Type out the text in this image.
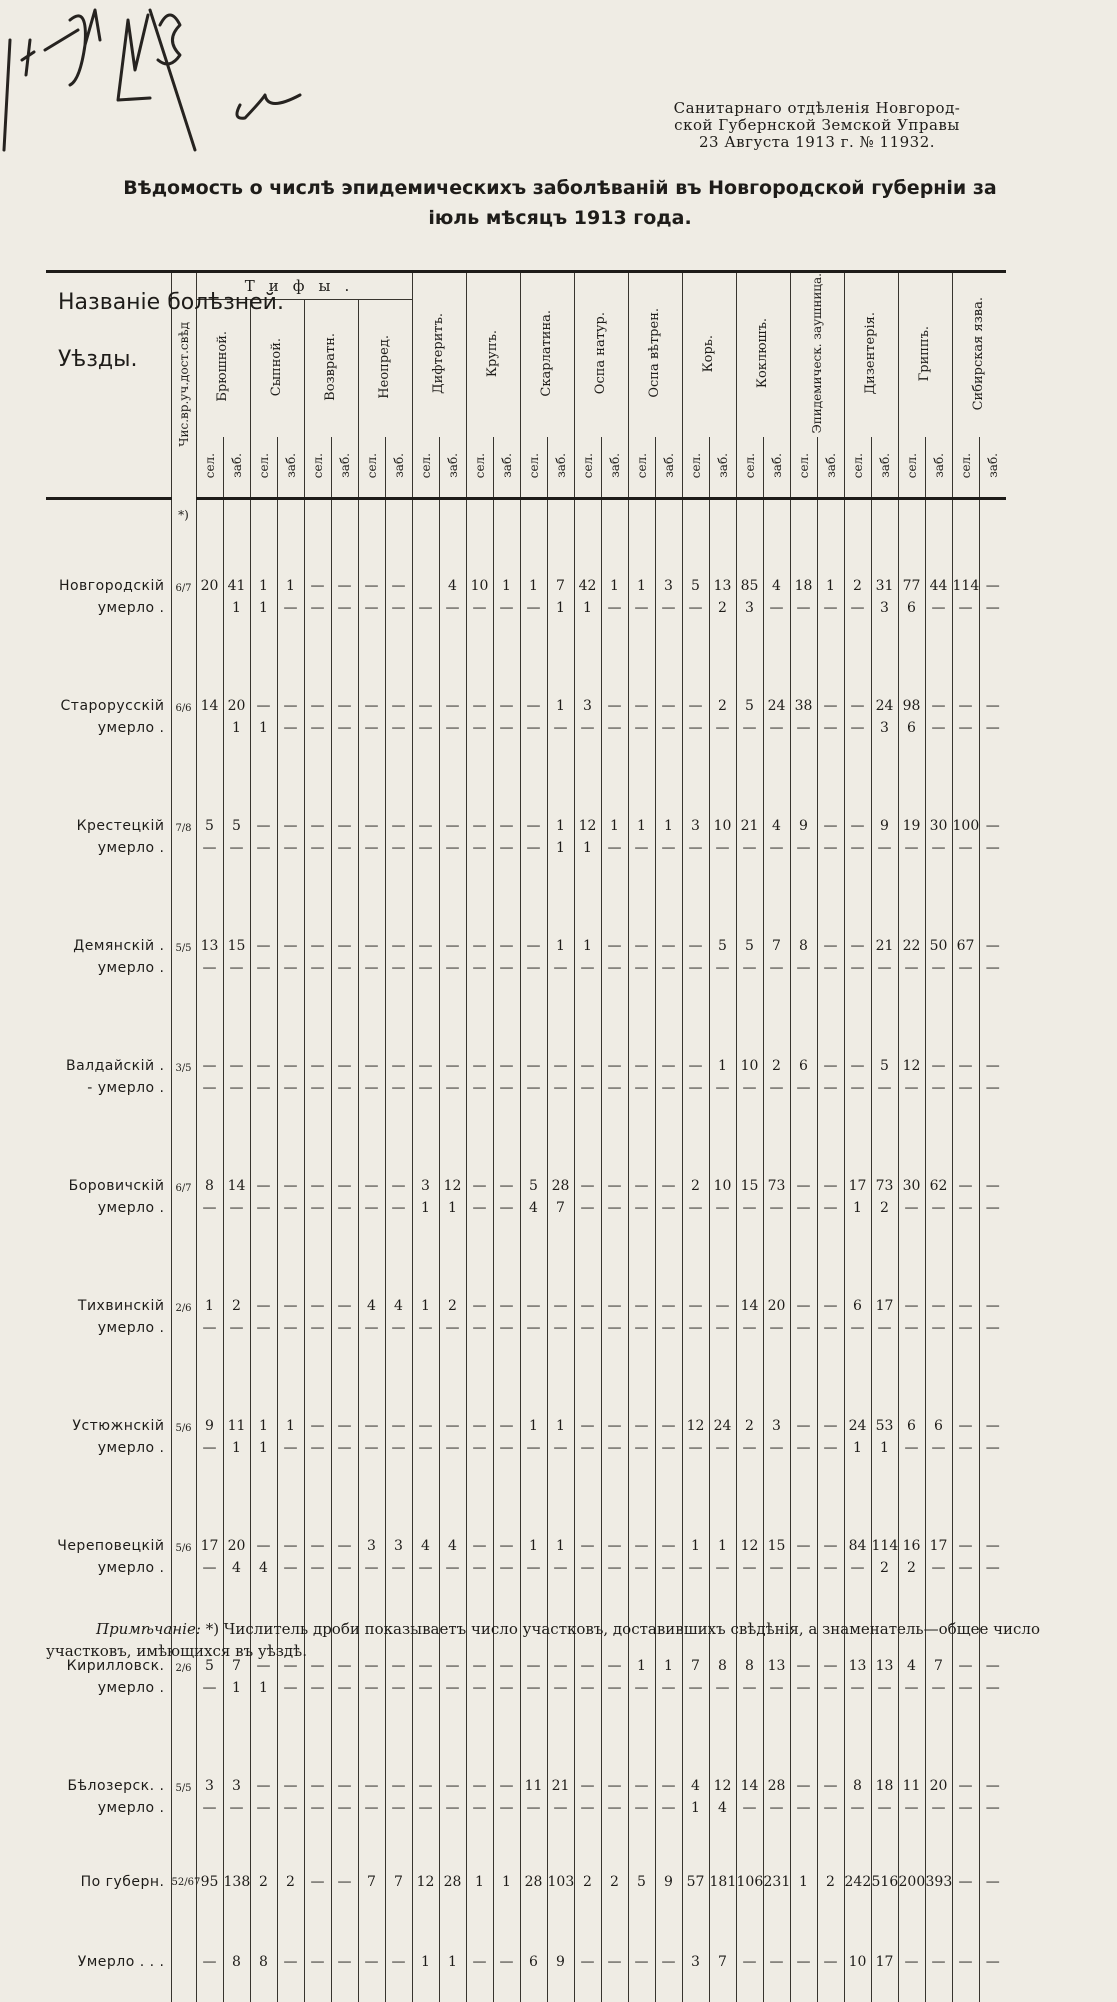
Санитарнаго отдѣленія Новгород-
ской Губернской Земской Управы
23 Августа 1913 г. № 11932.
Вѣдомость о числѣ эпидемическихъ заболѣваній въ Новгородской губерніи за
іюль мѣсяцъ 1913 года.
Названіе болѣзней.
Уѣзды.	Чис.вр.уч.дост.свѣд	Тифы.								Дифтеритъ.		Крупъ.		Скарлатина.		Оспа натур.		Оспа вѣтрен.		Корь.		Коклюшъ.		Эпидемическ. заушница.		Дизентерія.		Гриппъ.		Сибирская язва.	
		Брюшной.		Сыпной.		Возвратн.		Неопред.																							
		сел.	заб.	сел.	заб.	сел.	заб.	сел.	заб.	сел.	заб.	сел.	заб.	сел.	заб.	сел.	заб.	сел.	заб.	сел.	заб.	сел.	заб.	сел.	заб.	сел.	заб.	сел.	заб.	сел.	заб.
	*)																														
Новгородскій	6/7	20	41	1	1	—	—	—	—		4	10	1	1	7	42	1	1	3	5	13	85	4	18	1	2	31	77	44	114	—
умерло .			1	1	—	—	—	—	—	—	—	—	—	—	1	1	—	—	—	—	2	3	—	—	—	—	3	6	—	—	—

Старорусскій	6/6	14	20	—	—	—	—	—	—	—	—	—	—	—	1	3	—	—	—	—	2	5	24	38	—	—	24	98	—	—	—
умерло .			1	1	—	—	—	—	—	—	—	—	—	—	—	—	—	—	—	—	—	—	—	—	—	—	3	6	—	—	—

Крестецкій	7/8	5	5	—	—	—	—	—	—	—	—	—	—	—	1	12	1	1	1	3	10	21	4	9	—	—	9	19	30	100	—
умерло .		—	—	—	—	—	—	—	—	—	—	—	—	—	1	1	—	—	—	—	—	—	—	—	—	—	—	—	—	—	—

Демянскій .	5/5	13	15	—	—	—	—	—	—	—	—	—	—	—	1	1	—	—	—	—	5	5	7	8	—	—	21	22	50	67	—
умерло .		—	—	—	—	—	—	—	—	—	—	—	—	—	—	—	—	—	—	—	—	—	—	—	—	—	—	—	—	—	—

Валдайскій .	3/5	—	—	—	—	—	—	—	—	—	—	—	—	—	—	—	—	—	—	—	1	10	2	6	—	—	5	12	—	—	—
- умерло .		—	—	—	—	—	—	—	—	—	—	—	—	—	—	—	—	—	—	—	—	—	—	—	—	—	—	—	—	—	—

Боровичскій	6/7	8	14	—	—	—	—	—	—	3	12	—	—	5	28	—	—	—	—	2	10	15	73	—	—	17	73	30	62	—	—
умерло .		—	—	—	—	—	—	—	—	1	1	—	—	4	7	—	—	—	—	—	—	—	—	—	—	1	2	—	—	—	—

Тихвинскій	2/6	1	2	—	—	—	—	4	4	1	2	—	—	—	—	—	—	—	—	—	—	14	20	—	—	6	17	—	—	—	—
умерло .		—	—	—	—	—	—	—	—	—	—	—	—	—	—	—	—	—	—	—	—	—	—	—	—	—	—	—	—	—	—

Устюжнскій	5/6	9	11	1	1	—	—	—	—	—	—	—	—	1	1	—	—	—	—	12	24	2	3	—	—	24	53	6	6	—	—
умерло .		—	1	1	—	—	—	—	—	—	—	—	—	—	—	—	—	—	—	—	—	—	—	—	—	1	1	—	—	—	—

Череповецкій	5/6	17	20	—	—	—	—	3	3	4	4	—	—	1	1	—	—	—	—	1	1	12	15	—	—	84	114	16	17	—	—
умерло .		—	4	4	—	—	—	—	—	—	—	—	—	—	—	—	—	—	—	—	—	—	—	—	—	—	2	2	—	—	—

Кирилловск.	2/6	5	7	—	—	—	—	—	—	—	—	—	—	—	—	—	—	1	1	7	8	8	13	—	—	13	13	4	7	—	—
умерло .		—	1	1	—	—	—	—	—	—	—	—	—	—	—	—	—	—	—	—	—	—	—	—	—	—	—	—	—	—	—

Бѣлозерск. .	5/5	3	3	—	—	—	—	—	—	—	—	—	—	11	21	—	—	—	—	4	12	14	28	—	—	8	18	11	20	—	—
умерло .		—	—	—	—	—	—	—	—	—	—	—	—	—	—	—	—	—	—	1	4	—	—	—	—	—	—	—	—	—	—

По губерн.	52/67	95	138	2	2	—	—	7	7	12	28	1	1	28	103	2	2	5	9	57	181	106	231	1	2	242	516	200	393	—	—
Умерло . . .		—	8	8	—	—	—	—	—	1	1	—	—	6	9	—	—	—	—	3	7	—	—	—	—	10	17	—	—	—	—
Примѣчаніе: *) Числитель дроби показываетъ число участковъ, доставившихъ свѣдѣнія, а знаменатель—общее число участковъ, имѣющихся въ уѣздѣ.
